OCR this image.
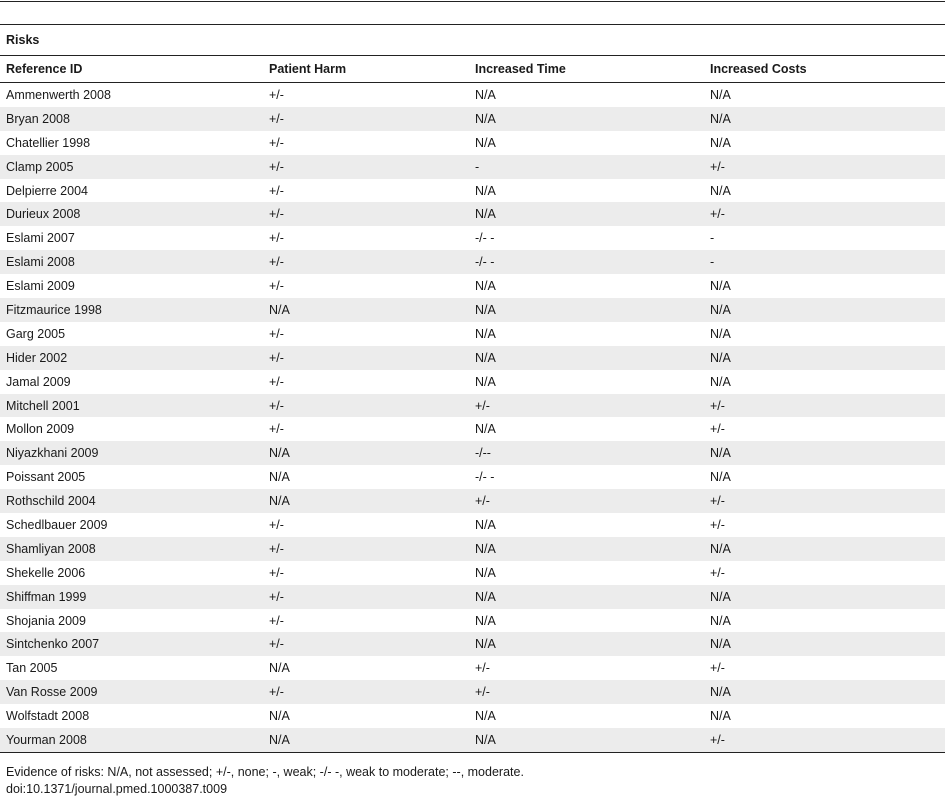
Risks
Reference ID	Patient Harm	Increased Time	Increased Costs
Ammenwerth 2008	+/-	N/A	N/A
Bryan 2008	+/-	N/A	N/A
Chatellier 1998	+/-	N/A	N/A
Clamp 2005	+/-	-	+/-
Delpierre 2004	+/-	N/A	N/A
Durieux 2008	+/-	N/A	+/-
Eslami 2007	+/-	-/- -	-
Eslami 2008	+/-	-/- -	-
Eslami 2009	+/-	N/A	N/A
Fitzmaurice 1998	N/A	N/A	N/A
Garg 2005	+/-	N/A	N/A
Hider 2002	+/-	N/A	N/A
Jamal 2009	+/-	N/A	N/A
Mitchell 2001	+/-	+/-	+/-
Mollon 2009	+/-	N/A	+/-
Niyazkhani 2009	N/A	-/--	N/A
Poissant 2005	N/A	-/- -	N/A
Rothschild 2004	N/A	+/-	+/-
Schedlbauer 2009	+/-	N/A	+/-
Shamliyan 2008	+/-	N/A	N/A
Shekelle 2006	+/-	N/A	+/-
Shiffman 1999	+/-	N/A	N/A
Shojania 2009	+/-	N/A	N/A
Sintchenko 2007	+/-	N/A	N/A
Tan 2005	N/A	+/-	+/-
Van Rosse 2009	+/-	+/-	N/A
Wolfstadt 2008	N/A	N/A	N/A
Yourman 2008	N/A	N/A	+/-
Evidence of risks: N/A, not assessed; +/-, none; -, weak; -/- -, weak to moderate; --, moderate.
doi:10.1371/journal.pmed.1000387.t009
